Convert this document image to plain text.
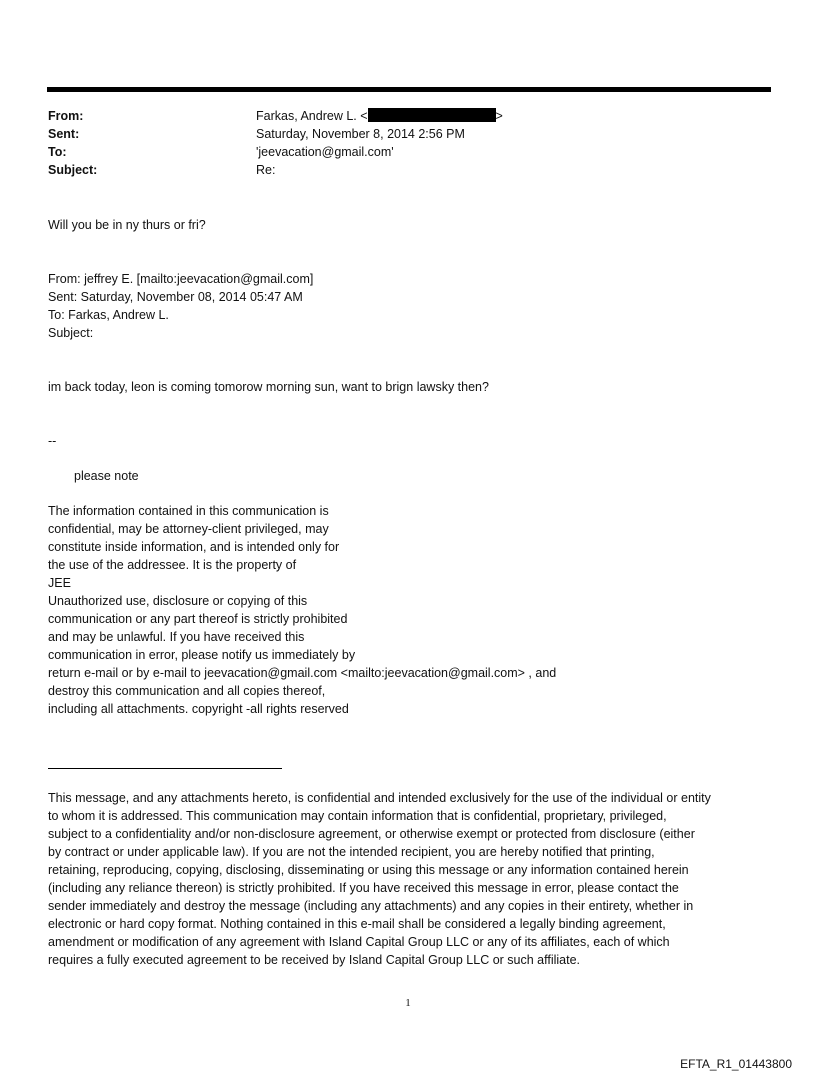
From:	Farkas, Andrew L. <	>
Sent:	Saturday, November 8, 2014 2:56 PM
To:	'jeevacation@gmail.com'
Subject:	Re:
Will you be in ny thurs or fri?
From: jeffrey E. [mailto:jeevacation@gmail.com]
Sent: Saturday, November 08, 2014 05:47 AM
To: Farkas, Andrew L.
Subject:
im back today, leon is coming tomorow morning sun, want to brign lawsky then?
--
please note
The information contained in this communication is
confidential, may be attorney-client privileged, may
constitute inside information, and is intended only for
the use of the addressee. It is the property of
JEE
Unauthorized use, disclosure or copying of this
communication or any part thereof is strictly prohibited
and may be unlawful. If you have received this
communication in error, please notify us immediately by
return e-mail or by e-mail to jeevacation@gmail.com <mailto:jeevacation@gmail.com> , and
destroy this communication and all copies thereof,
including all attachments. copyright -all rights reserved
This message, and any attachments hereto, is confidential and intended exclusively for the use of the individual or entity
to whom it is addressed. This communication may contain information that is confidential, proprietary, privileged,
subject to a confidentiality and/or non-disclosure agreement, or otherwise exempt or protected from disclosure (either
by contract or under applicable law). If you are not the intended recipient, you are hereby notified that printing,
retaining, reproducing, copying, disclosing, disseminating or using this message or any information contained herein
(including any reliance thereon) is strictly prohibited. If you have received this message in error, please contact the
sender immediately and destroy the message (including any attachments) and any copies in their entirety, whether in
electronic or hard copy format. Nothing contained in this e-mail shall be considered a legally binding agreement,
amendment or modification of any agreement with Island Capital Group LLC or any of its affiliates, each of which
requires a fully executed agreement to be received by Island Capital Group LLC or such affiliate.
1
EFTA_R1_01443800
